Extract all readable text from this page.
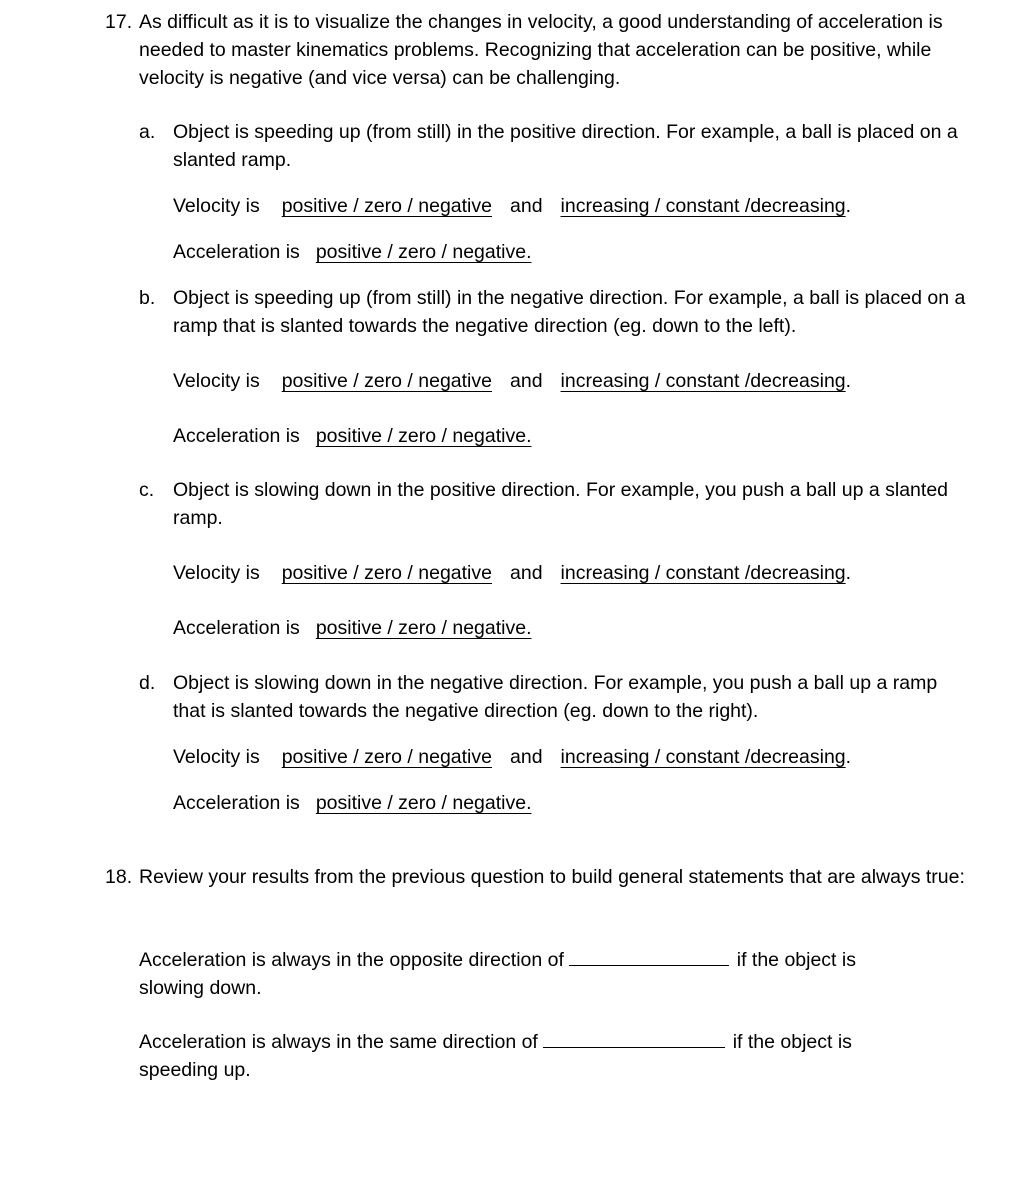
17. As difficult as it is to visualize the changes in velocity, a good understanding of acceleration is needed to master kinematics problems. Recognizing that acceleration can be positive, while velocity is negative (and vice versa) can be challenging.
a. Object is speeding up (from still) in the positive direction. For example, a ball is placed on a slanted ramp.
Velocity is positive / zero / negative and increasing / constant /decreasing.
Acceleration is positive / zero / negative.
b. Object is speeding up (from still) in the negative direction. For example, a ball is placed on a ramp that is slanted towards the negative direction (eg. down to the left).
Velocity is positive / zero / negative and increasing / constant /decreasing.
Acceleration is positive / zero / negative.
c. Object is slowing down in the positive direction. For example, you push a ball up a slanted ramp.
Velocity is positive / zero / negative and increasing / constant /decreasing.
Acceleration is positive / zero / negative.
d. Object is slowing down in the negative direction. For example, you push a ball up a ramp that is slanted towards the negative direction (eg. down to the right).
Velocity is positive / zero / negative and increasing / constant /decreasing.
Acceleration is positive / zero / negative.
18. Review your results from the previous question to build general statements that are always true:
Acceleration is always in the opposite direction of	if the object is
slowing down.
Acceleration is always in the same direction of	if the object is
speeding up.
